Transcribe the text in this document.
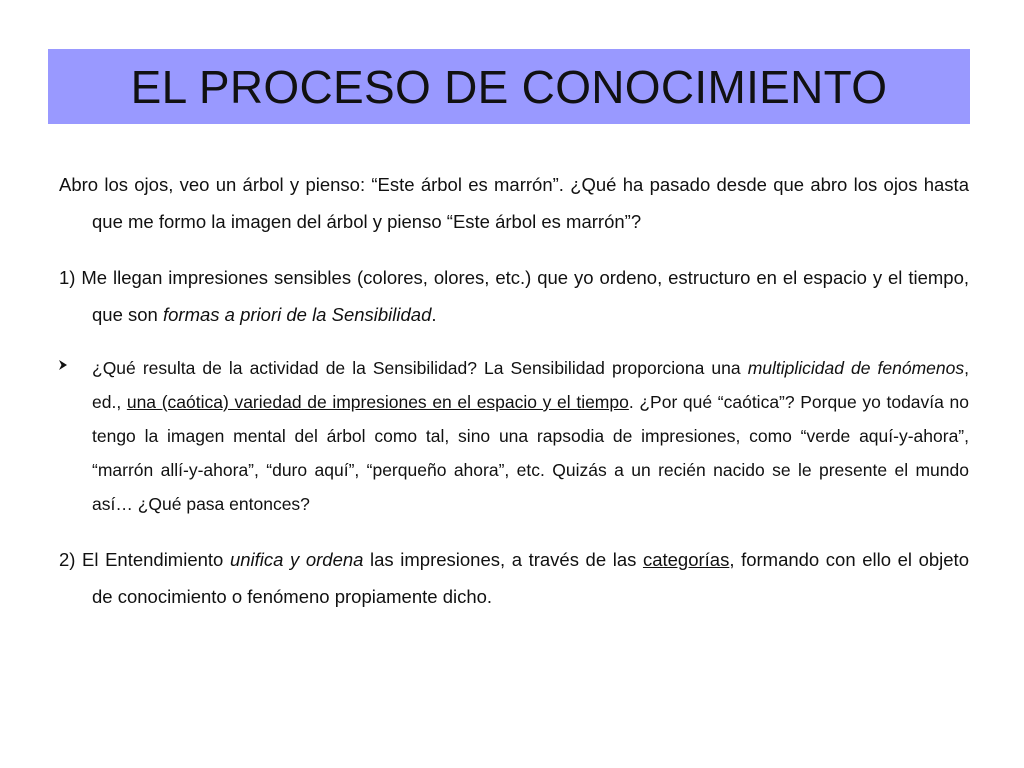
EL PROCESO DE CONOCIMIENTO

Abro los ojos, veo un árbol y pienso: “Este árbol es marrón”. ¿Qué ha pasado desde que abro los ojos hasta que me formo la imagen del árbol y pienso “Este árbol es marrón”?

1) Me llegan impresiones sensibles (colores, olores, etc.) que yo ordeno, estructuro en el espacio y el tiempo, que son formas a priori de la Sensibilidad.

¿Qué resulta de la actividad de la Sensibilidad? La Sensibilidad proporciona una multiplicidad de fenómenos, ed., una (caótica) variedad de impresiones en el espacio y el tiempo. ¿Por qué “caótica”? Porque yo todavía no tengo la imagen mental del árbol como tal, sino una rapsodia de impresiones, como “verde aquí-y-ahora”, “marrón allí-y-ahora”, “duro aquí”, “perqueño ahora”, etc. Quizás a un recién nacido se le presente el mundo así… ¿Qué pasa entonces?

2) El Entendimiento unifica y ordena las impresiones, a través de las categorías, formando con ello el objeto de conocimiento o fenómeno propiamente dicho.
